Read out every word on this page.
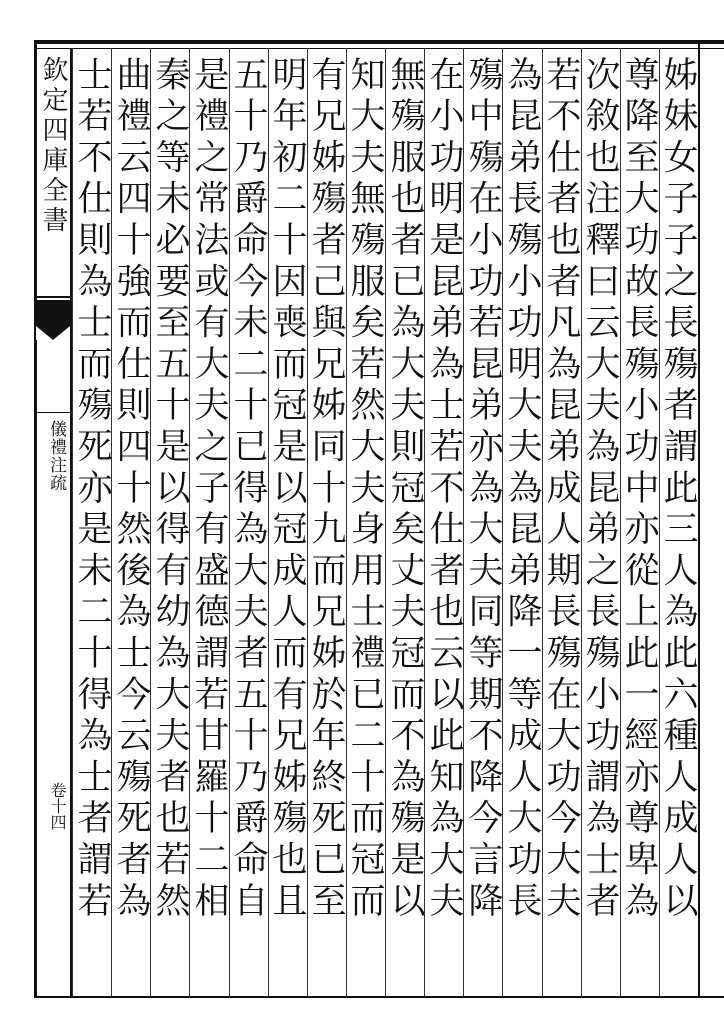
欽定四庫全書
儀禮注疏
卷十四	姊妹女子子之長殤者謂此三人為此六種人成人以
尊降至大功故長殤小功中亦從上此一經亦尊卑為
次敘也注釋曰云大夫為昆弟之長殤小功謂為士者
若不仕者也者凡為昆弟成人期長殤在大功今大夫
為昆弟長殤小功明大夫為昆弟降一等成人大功長
殤中殤在小功若昆弟亦為大夫同等期不降今言降
在小功明是昆弟為士若不仕者也云以此知為大夫
無殤服也者已為大夫則冠矣丈夫冠而不為殤是以
知大夫無殤服矣若然大夫身用士禮已二十而冠而
有兄姊殤者己與兄姊同十九而兄姊於年終死已至
明年初二十因喪而冠是以冠成人而有兄姊殤也且
五十乃爵命今未二十已得為大夫者五十乃爵命自
是禮之常法或有大夫之子有盛德謂若甘羅十二相
秦之等未必要至五十是以得有幼為大夫者也若然
曲禮云四十強而仕則四十然後為士今云殤死者為
士若不仕則為士而殤死亦是未二十得為士者謂若
